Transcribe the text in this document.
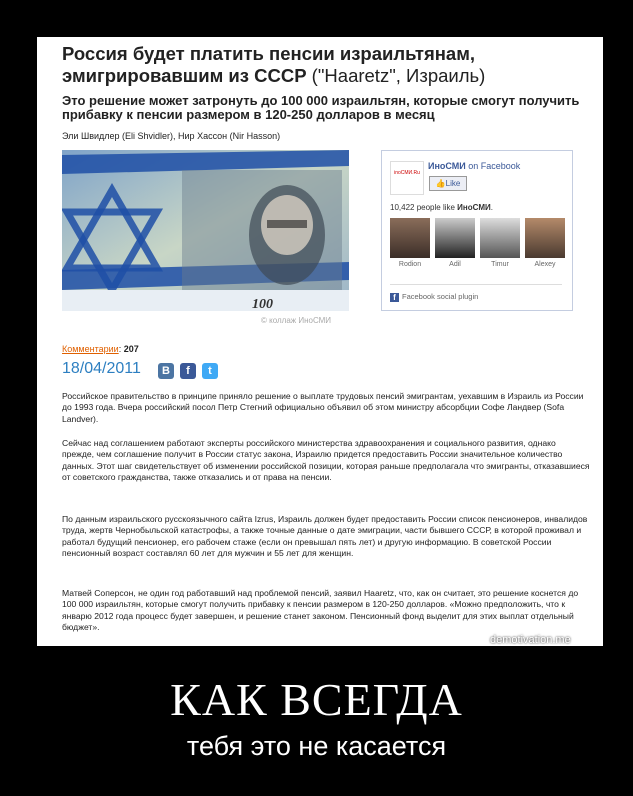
Россия будет платить пенсии израильтянам, эмигрировавшим из СССР ("Haaretz", Израиль)
Это решение может затронуть до 100 000 израильтян, которые смогут получить прибавку к пенсии размером в 120-250 долларов в месяц
Эли Швидлер (Eli Shvidler), Нир Хассон (Nir Hasson)
100
© коллаж ИноСМИ
inoСМИ.Ru
ИноСМИ on Facebook
👍Like
10,422 people like ИноСМИ.
Rodion	Adil	Timur	Alexey
f Facebook social plugin
Комментарии: 207
18/04/2011	B	f	t
Российское правительство в принципе приняло решение о выплате трудовых пенсий эмигрантам, уехавшим в Израиль из России до 1993 года. Вчера российский посол Петр Стегний официально объявил об этом министру абсорбции Софе Ландвер (Sofa Landver).
Сейчас над соглашением работают эксперты российского министерства здравоохранения и социального развития, однако прежде, чем соглашение получит в России статус закона, Израилю придется предоставить России значительное количество данных. Этот шаг свидетельствует об изменении российской позиции, которая раньше предполагала что эмигранты, отказавшиеся от советского гражданства, также отказались и от права на пенсии.
По данным израильского русскоязычного сайта Izrus, Израиль должен будет предоставить России список пенсионеров, инвалидов труда, жертв Чернобыльской катастрофы, а также точные данные о дате эмиграции, части бывшего СССР, в которой проживал и работал будущий пенсионер, его рабочем стаже (если он превышал пять лет) и другую информацию. В советской России пенсионный возраст составлял 60 лет для мужчин и 55 лет для женщин.
Матвей Соперсон, не один год работавший над проблемой пенсий, заявил Haaretz, что, как он считает, это решение коснется до 100 000 израильтян, которые смогут получить прибавку к пенсии размером в 120-250 долларов. «Можно предположить, что к январю 2012 года процесс будет завершен, и решение станет законом. Пенсионный фонд выделит для этих выплат отдельный бюджет».
demotivation.me
КАК ВСЕГДА
тебя это не касается
